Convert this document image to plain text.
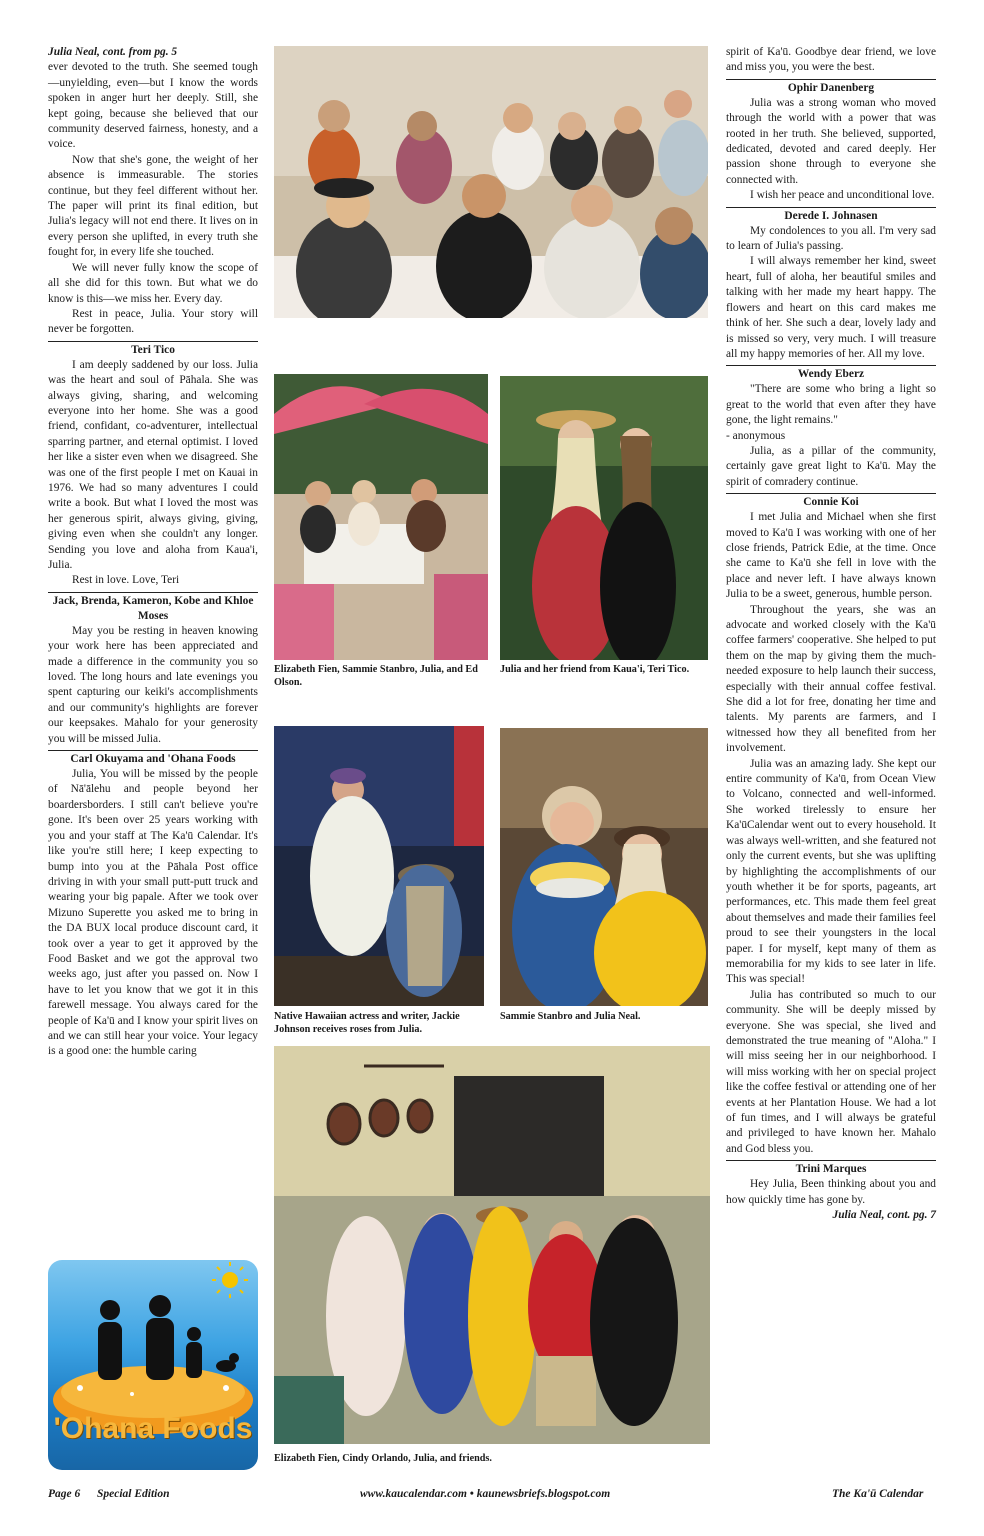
Julia Neal, cont. from pg. 5

ever devoted to the truth. She seemed tough—unyielding, even—but I know the words spoken in anger hurt her deeply. Still, she kept going, because she believed that our community deserved fairness, honesty, and a voice.

Now that she's gone, the weight of her absence is immeasurable. The stories continue, but they feel different without her. The paper will print its final edition, but Julia's legacy will not end there. It lives on in every person she uplifted, in every truth she fought for, in every life she touched.

We will never fully know the scope of all she did for this town. But what we do know is this—we miss her. Every day.

Rest in peace, Julia. Your story will never be forgotten.

Teri Tico

I am deeply saddened by our loss. Julia was the heart and soul of Pāhala. She was always giving, sharing, and welcoming everyone into her home. She was a good friend, confidant, co-adventurer, intellectual sparring partner, and eternal optimist. I loved her like a sister even when we disagreed. She was one of the first people I met on Kauai in 1976. We had so many adventures I could write a book. But what I loved the most was her generous spirit, always giving, giving, giving even when she couldn't any longer. Sending you love and aloha from Kaua'i, Julia.

Rest in love. Love, Teri

Jack, Brenda, Kameron, Kobe and Khloe Moses

May you be resting in heaven knowing your work here has been appreciated and made a difference in the community you so loved. The long hours and late evenings you spent capturing our keiki's accomplishments and our community's highlights are forever our keepsakes. Mahalo for your generosity you will be missed Julia.

Carl Okuyama and 'Ohana Foods

Julia, You will be missed by the people of Nā'ālehu and people beyond her boardersborders. I still can't believe you're gone. It's been over 25 years working with you and your staff at The Ka'ū Calendar. It's like you're still here; I keep expecting to bump into you at the Pāhala Post office driving in with your small putt-putt truck and wearing your big papale. After we took over Mizuno Superette you asked me to bring in the DA BUX local produce discount card, it took over a year to get it approved by the Food Basket and we got the approval two weeks ago, just after you passed on. Now I have to let you know that we got it in this farewell message. You always cared for the people of Ka'ū and I know your spirit lives on and we can still hear your voice. Your legacy is a good one: the humble caring

'Ohana Foods
Elizabeth Fien, Sammie Stanbro, Julia, and Ed Olson.
Julia and her friend from Kaua'i, Teri Tico.
Native Hawaiian actress and writer, Jackie Johnson receives roses from Julia.
Sammie Stanbro and Julia Neal.
Elizabeth Fien, Cindy Orlando, Julia, and friends.

spirit of Ka'ū. Goodbye dear friend, we love and miss you, you were the best.

Ophir Danenberg

Julia was a strong woman who moved through the world with a power that was rooted in her truth. She believed, supported, dedicated, devoted and cared deeply. Her passion shone through to everyone she connected with.

I wish her peace and unconditional love.

Derede I. Johnasen

My condolences to you all. I'm very sad to learn of Julia's passing.

I will always remember her kind, sweet heart, full of aloha, her beautiful smiles and talking with her made my heart happy. The flowers and heart on this card makes me think of her. She such a dear, lovely lady and is missed so very, very much. I will treasure all my happy memories of her. All my love.

Wendy Eberz

"There are some who bring a light so great to the world that even after they have gone, the light remains."

- anonymous

Julia, as a pillar of the community, certainly gave great light to Ka'ū. May the spirit of comradery continue.

Connie Koi

I met Julia and Michael when she first moved to Ka'ū I was working with one of her close friends, Patrick Edie, at the time. Once she came to Ka'ū she fell in love with the place and never left. I have always known Julia to be a sweet, generous, humble person.

Throughout the years, she was an advocate and worked closely with the Ka'ū coffee farmers' cooperative. She helped to put them on the map by giving them the much-needed exposure to help launch their success, especially with their annual coffee festival. She did a lot for free, donating her time and talents. My parents are farmers, and I witnessed how they all benefited from her involvement.

Julia was an amazing lady. She kept our entire community of Ka'ū, from Ocean View to Volcano, connected and well-informed. She worked tirelessly to ensure her Ka'ūCalendar went out to every household. It was always well-written, and she featured not only the current events, but she was uplifting by highlighting the accomplishments of our youth whether it be for sports, pageants, art performances, etc. This made them feel great about themselves and made their families feel proud to see their youngsters in the local paper. I for myself, kept many of them as memorabilia for my kids to see later in life. This was special!

Julia has contributed so much to our community. She will be deeply missed by everyone. She was special, she lived and demonstrated the true meaning of "Aloha." I will miss seeing her in our neighborhood. I will miss working with her on special project like the coffee festival or attending one of her events at her Plantation House. We had a lot of fun times, and I will always be grateful and privileged to have known her. Mahalo and God bless you.

Trini Marques

Hey Julia, Been thinking about you and how quickly time has gone by.

Julia Neal, cont. pg. 7

Page 6 Special Edition	www.kaucalendar.com • kaunewsbriefs.blogspot.com	The Ka'ū Calendar
